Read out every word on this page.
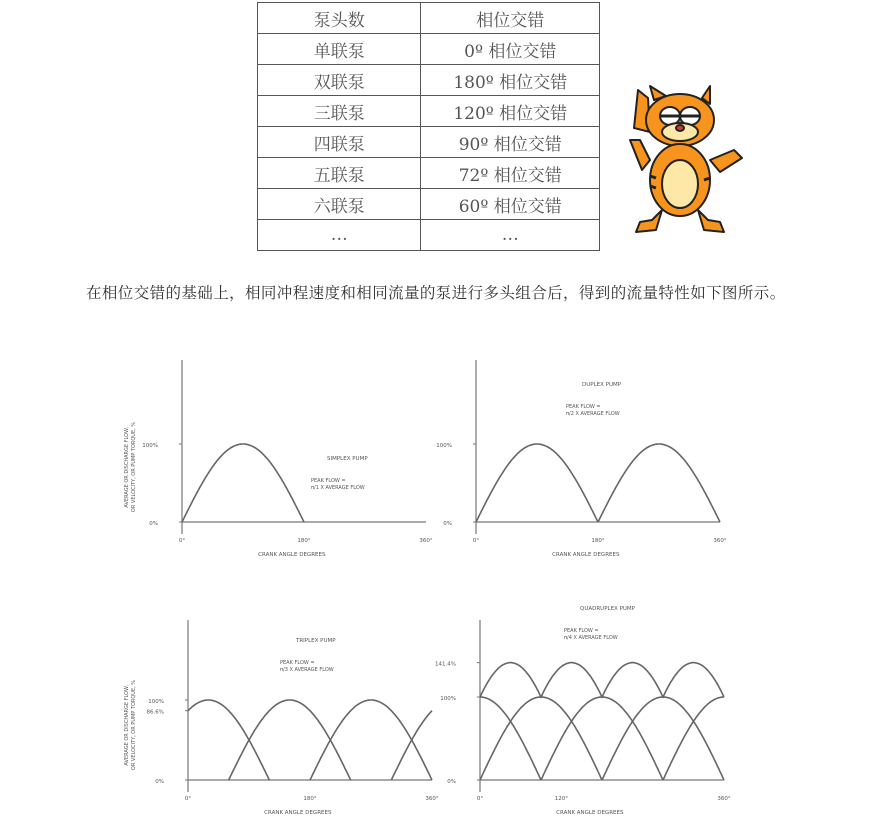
泵头数	相位交错
单联泵	0º 相位交错
双联泵	180º 相位交错
三联泵	120º 相位交错
四联泵	90º 相位交错
五联泵	72º 相位交错
六联泵	60º 相位交错
…	…
在相位交错的基础上，相同冲程速度和相同流量的泵进行多头组合后，得到的流量特性如下图所示。
0%
100%
0°	180°	360°
CRANK ANGLE DEGREES
AVERAGE OR DISCHARGE FLOW, OR VELOCITY, OR PUMP TORQUE, %	SIMPLEX PUMP
PEAK FLOW =
π/1 X AVERAGE FLOW
0%
100%
0°	180°	360°
CRANK ANGLE DEGREES
DUPLEX PUMP
PEAK FLOW =
π/2 X AVERAGE FLOW
0%
86.6%
100%
0°	180°	360°
CRANK ANGLE DEGREES
AVERAGE OR DISCHARGE FLOW, OR VELOCITY, OR PUMP TORQUE, %
TRIPLEX PUMP
PEAK FLOW =
π/3 X AVERAGE FLOW
0%
100%
141.4%
0°	120°	360°
CRANK ANGLE DEGREES
QUADRUPLEX PUMP
PEAK FLOW =
π/4 X AVERAGE FLOW
